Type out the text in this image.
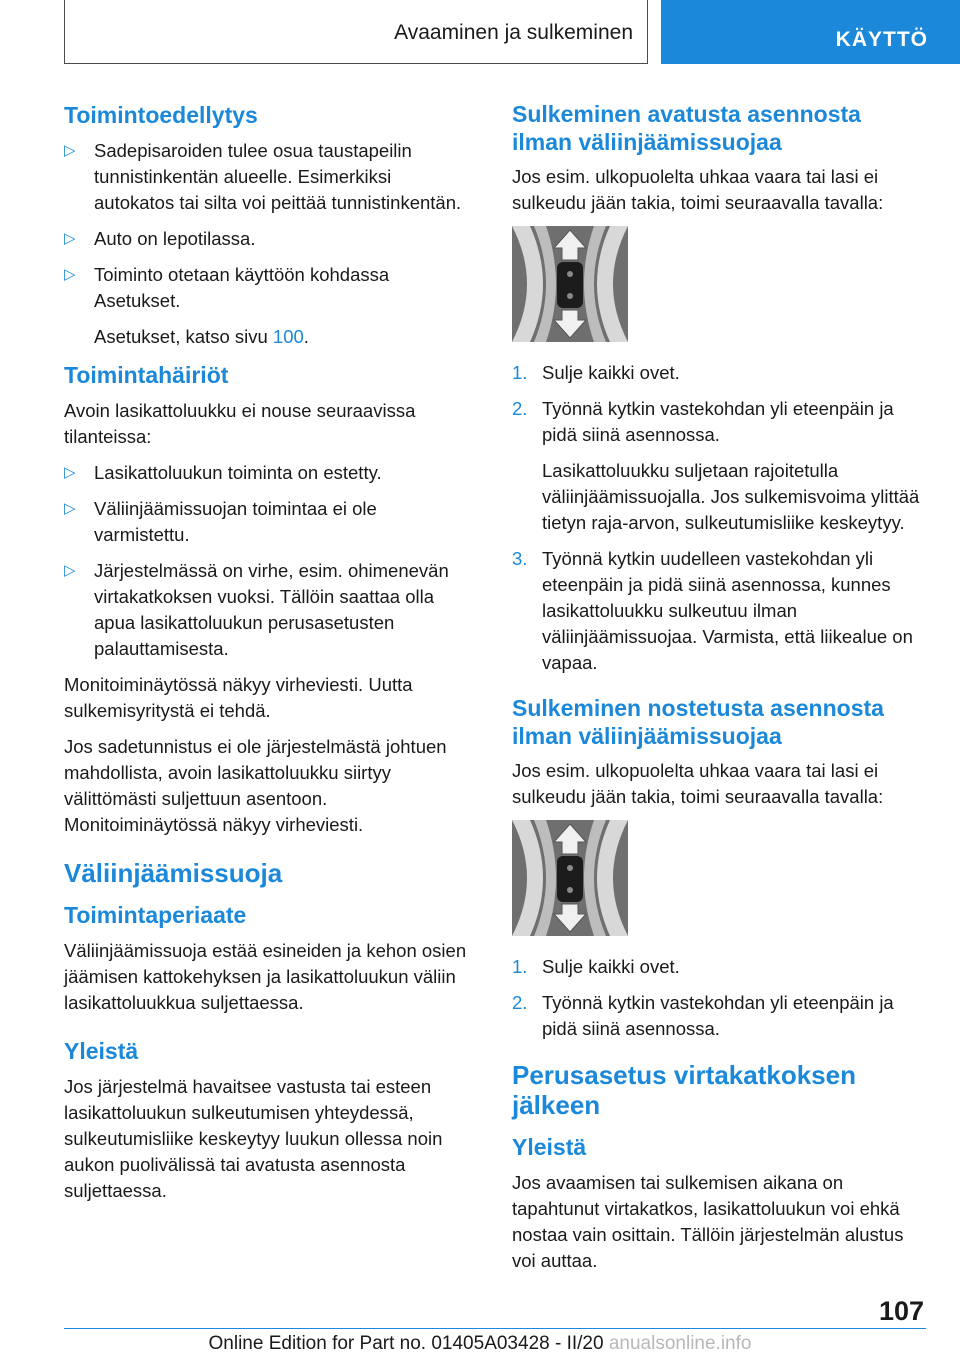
Avaaminen ja sulkeminen	KÄYTTÖ
Toimintoedellytys
▷ Sadepisaroiden tulee osua taustapeilin tunnistinkentän alueelle. Esimerkiksi autokatos tai silta voi peittää tunnistinkentän.
▷ Auto on lepotilassa.
▷ Toiminto otetaan käyttöön kohdassa Asetukset.
Asetukset, katso sivu 100.
Toimintahäiriöt

Avoin lasikattoluukku ei nouse seuraavissa tilanteissa:

▷ Lasikattoluukun toiminta on estetty.
▷ Väliinjäämissuojan toimintaa ei ole varmistettu.
▷ Järjestelmässä on virhe, esim. ohimenevän virtakatkoksen vuoksi. Tällöin saattaa olla apua lasikattoluukun perusasetusten palauttamisesta.

Monitoiminäytössä näkyy virheviesti. Uutta sulkemisyritystä ei tehdä.

Jos sadetunnistus ei ole järjestelmästä johtuen mahdollista, avoin lasikattoluukku siirtyy välittömästi suljettuun asentoon. Monitoiminäytössä näkyy virheviesti.

Väliinjäämissuoja
Toimintaperiaate

Väliinjäämissuoja estää esineiden ja kehon osien jäämisen kattokehyksen ja lasikattoluukun väliin lasikattoluukkua suljettaessa.

Yleistä

Jos järjestelmä havaitsee vastusta tai esteen lasikattoluukun sulkeutumisen yhteydessä, sulkeutumisliike keskeytyy luukun ollessa noin aukon puolivälissä tai avatusta asennosta suljettaessa.

Sulkeminen avatusta asennosta ilman väliinjäämissuojaa

Jos esim. ulkopuolelta uhkaa vaara tai lasi ei sulkeudu jään takia, toimi seuraavalla tavalla:

1. Sulje kaikki ovet.
2. Työnnä kytkin vastekohdan yli eteenpäin ja pidä siinä asennossa.
Lasikattoluukku suljetaan rajoitetulla väliinjäämissuojalla. Jos sulkemisvoima ylittää tietyn raja-arvon, sulkeutumisliike keskeytyy.
3. Työnnä kytkin uudelleen vastekohdan yli eteenpäin ja pidä siinä asennossa, kunnes lasikattoluukku sulkeutuu ilman väliinjäämissuojaa. Varmista, että liikealue on vapaa.
Sulkeminen nostetusta asennosta ilman väliinjäämissuojaa

Jos esim. ulkopuolelta uhkaa vaara tai lasi ei sulkeudu jään takia, toimi seuraavalla tavalla:

1. Sulje kaikki ovet.
2. Työnnä kytkin vastekohdan yli eteenpäin ja pidä siinä asennossa.
Perusasetus virtakatkoksen jälkeen
Yleistä

Jos avaamisen tai sulkemisen aikana on tapahtunut virtakatkos, lasikattoluukun voi ehkä nostaa vain osittain. Tällöin järjestelmän alustus voi auttaa.

107
Online Edition for Part no. 01405A03428 - II/20 anualsonline.info
